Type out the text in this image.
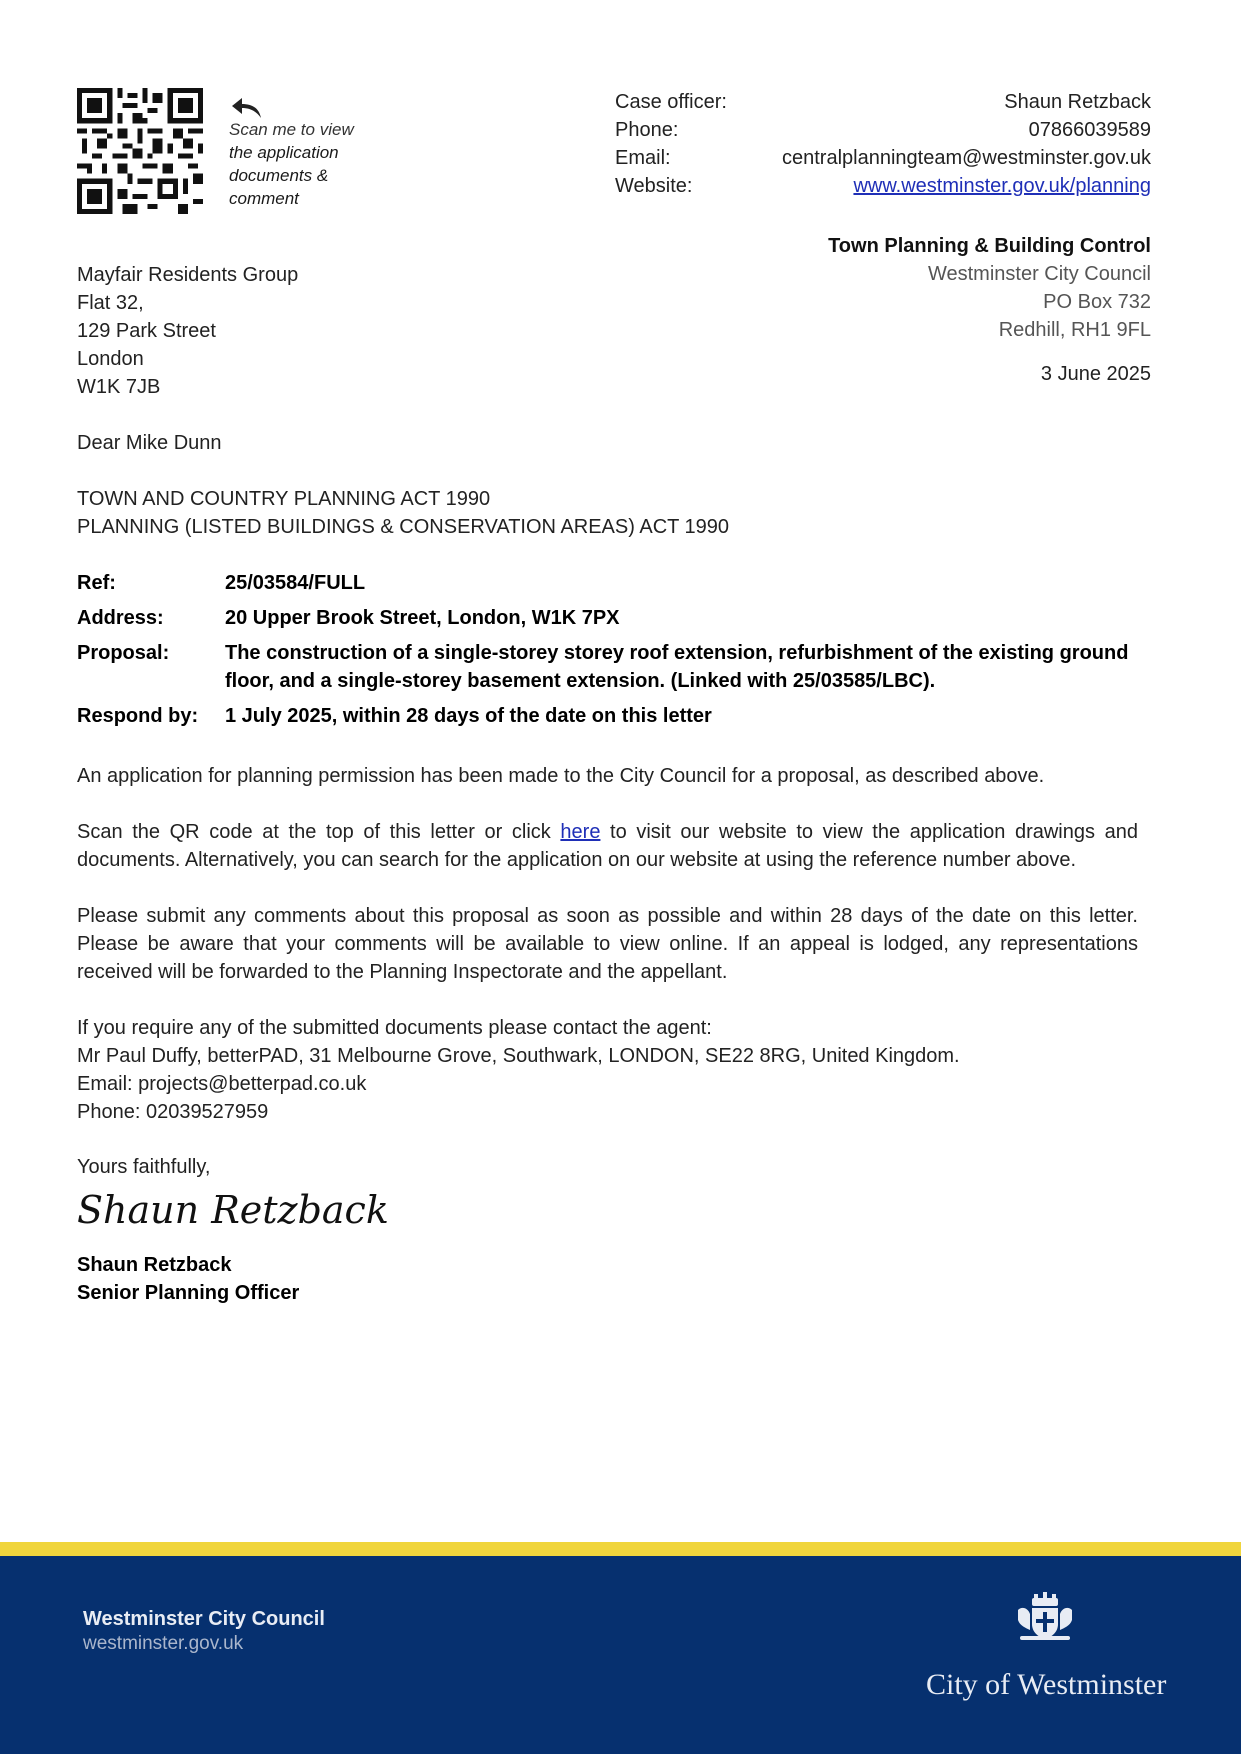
Scan me to view
the application
documents &
comment
Case officer:	Shaun Retzback
Phone:	07866039589
Email:	centralplanningteam@westminster.gov.uk
Website:	www.westminster.gov.uk/planning
Town Planning & Building Control
Westminster City Council
PO Box 732
Redhill, RH1 9FL
3 June 2025
Mayfair Residents Group
Flat 32,
129 Park Street
London
W1K 7JB
Dear Mike Dunn
TOWN AND COUNTRY PLANNING ACT 1990
PLANNING (LISTED BUILDINGS & CONSERVATION AREAS) ACT 1990
Ref:	25/03584/FULL
Address:	20 Upper Brook Street, London, W1K 7PX
Proposal:	The construction of a single-storey storey roof extension, refurbishment of the existing ground floor, and a single-storey basement extension. (Linked with 25/03585/LBC).
Respond by:	1 July 2025, within 28 days of the date on this letter

An application for planning permission has been made to the City Council for a proposal, as described above.

Scan the QR code at the top of this letter or click here to visit our website to view the application drawings and documents. Alternatively, you can search for the application on our website at using the reference number above.

Please submit any comments about this proposal as soon as possible and within 28 days of the date on this letter. Please be aware that your comments will be available to view online. If an appeal is lodged, any representations received will be forwarded to the Planning Inspectorate and the appellant.

If you require any of the submitted documents please contact the agent:
Mr Paul Duffy, betterPAD, 31 Melbourne Grove, Southwark, LONDON, SE22 8RG, United Kingdom.
Email: projects@betterpad.co.uk
Phone: 02039527959
Yours faithfully,
Shaun Retzback
Shaun Retzback
Senior Planning Officer
Westminster City Council
westminster.gov.uk
City of Westminster
